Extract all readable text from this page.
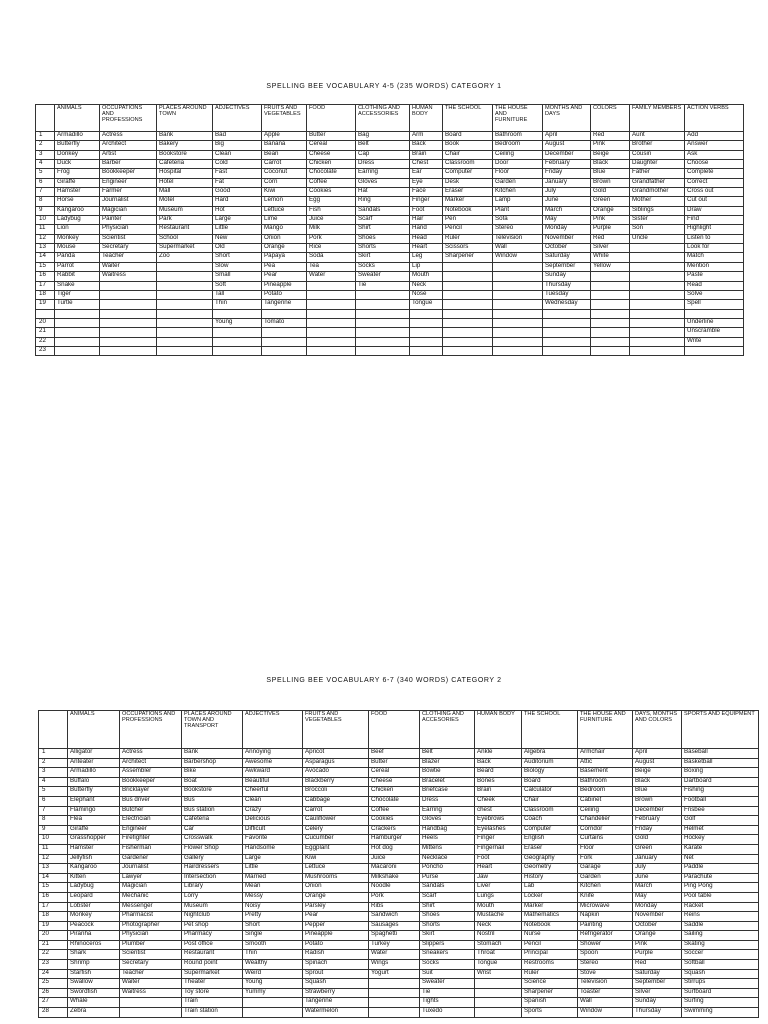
SPELLING BEE VOCABULARY 4-5 (235 WORDS) CATEGORY 1
	ANIMALS	OCCUPATIONS AND PROFESSIONS	PLACES AROUND TOWN	ADJECTIVES	FRUITS AND VEGETABLES	FOOD	CLOTHING AND ACCESSORIES	HUMAN BODY	THE SCHOOL	THE HOUSE AND FURNITURE	MONTHS AND DAYS	COLORS	FAMILY MEMBERS	ACTION VERBS
1	Armadillo	Actress	Bank	Bad	Apple	Butter	Bag	Arm	Board	Bathroom	April	Red	Aunt	Add
2	Butterfly	Architect	Bakery	Big	Banana	Cereal	Belt	Back	Book	Bedroom	August	Pink	Brother	Answer
3	Donkey	Artist	Bookstore	Clean	Bean	Cheese	Cap	Brain	Chair	Ceiling	December	Beige	Cousin	Ask
4	Duck	Barber	Cafeteria	Cold	Carrot	Chicken	Dress	Chest	Classroom	Door	February	Black	Daughter	Choose
5	Frog	Bookkeeper	Hospital	Fast	Coconut	Chocolate	Earring	Ear	Computer	Floor	Friday	Blue	Father	Complete
6	Giraffe	Engineer	Hotel	Fat	Corn	Coffee	Gloves	Eye	Desk	Garden	January	Brown	Grandfather	Correct
7	Hamster	Farmer	Mall	Good	Kiwi	Cookies	Hat	Face	Eraser	Kitchen	July	Gold	Grandmother	Cross out
8	Horse	Journalist	Motel	Hard	Lemon	Egg	Ring	Finger	Marker	Lamp	June	Green	Mother	Cut out
9	Kangaroo	Magician	Museum	Hot	Lettuce	Fish	Sandals	Foot	Notebook	Plant	March	Orange	Siblings	Draw
10	Ladybug	Painter	Park	Large	Lime	Juice	Scarf	Hair	Pen	Sofa	May	Pink	Sister	Find
11	Lion	Physician	Restaurant	Little	Mango	Milk	Shirt	Hand	Pencil	Stereo	Monday	Purple	Son	Highlight
12	Monkey	Scientist	School	New	Onion	Pork	Shoes	Head	Ruler	Television	November	Red	Uncle	Listen to
13	Mouse	Secretary	Supermarket	Old	Orange	Rice	Shorts	Heart	Scissors	Wall	October	Silver		Look for
14	Panda	Teacher	Zoo	Short	Papaya	Soda	Skirt	Leg	Sharpener	Window	Saturday	White		Match
15	Parrot	Waiter		Slow	Pea	Tea	Socks	Lip			September	Yellow		Mention
16	Rabbit	Waitress		Small	Pear	Water	Sweater	Mouth			Sunday			Paste
17	Snake			Soft	Pineapple		Tie	Neck			Thursday			Read
18	Tiger			Tall	Potato			Nose			Tuesday			Solve
19	Turtle			Thin	Tangerine			Tongue			Wednesday			Spell

20				Young	Tomato									Underline
21														Unscramble
22														Write
23														
SPELLING BEE VOCABULARY 6-7 (340 WORDS) CATEGORY 2
	ANIMALS	OCCUPATIONS AND PROFESSIONS	PLACES AROUND TOWN AND TRANSPORT	ADJECTIVES	FRUITS AND VEGETABLES	FOOD	CLOTHING AND ACCESORIES	HUMAN BODY	THE SCHOOL	THE HOUSE AND FURNITURE	DAYS, MONTHS AND COLORS	SPORTS AND EQUIPMENT
1	Alligator	Actress	Bank	Annoying	Apricot	Beef	Belt	Ankle	Algebra	Armchair	April	Baseball
2	Anteater	Architect	Barbershop	Awesome	Asparagus	Butter	Blazer	Back	Auditorium	Attic	August	Basketball
3	Armadillo	Assembler	Bike	Awkward	Avocado	Cereal	Bowtie	Beard	Biology	Basement	Beige	Boxing
4	Buffalo	Bookkeeper	Boat	Beautiful	Blackberry	Cheese	Bracelet	Bones	Board	Bathroom	Black	Dartboard
5	Butterfly	Bricklayer	Bookstore	Cheerful	Broccoli	Chicken	Briefcase	Brain	Calculator	Bedroom	Blue	Fishing
6	Elephant	Bus driver	Bus	Clean	Cabbage	Chocolate	Dress	Cheek	Chair	Cabinet	Brown	Football
7	Flamingo	Butcher	Bus station	Crazy	Carrot	Coffee	Earring	chest	Classroom	Ceiling	December	Frisbee
8	Flea	Electrician	Cafeteria	Delicious	Cauliflower	Cookies	Gloves	Eyebrows	Coach	Chandelier	February	Golf
9	Giraffe	Engineer	Car	Difficult	Celery	Crackers	Handbag	Eyelashes	Computer	Corridor	Friday	Helmet
10	Grasshopper	Firefighter	Crosswalk	Favorite	Cucumber	Hamburger	Heels	Finger	English	Curtains	Gold	Hockey
11	Hamster	Fisherman	Flower Shop	Handsome	Eggplant	Hot dog	Mittens	Fingernail	Eraser	Floor	Green	Karate
12	Jellyfish	Gardener	Gallery	Large	Kiwi	Juice	Necklace	Foot	Geography	Fork	January	Net
13	Kangaroo	Journalist	Hairdressers	Little	Lettuce	Macaroni	Poncho	Heart	Geometry	Garage	July	Paddle
14	Kitten	Lawyer	Intersection	Married	Mushrooms	Milkshake	Purse	Jaw	History	Garden	June	Parachute
15	Ladybug	Magician	Library	Mean	Onion	Noodle	Sandals	Liver	Lab	Kitchen	March	Ping Pong
16	Leopard	Mechanic	Lorry	Messy	Orange	Pork	Scarf	Lungs	Locker	Knife	May	Pool table
17	Lobster	Messenger	Museum	Noisy	Parsley	Ribs	Shirt	Mouth	Marker	Microwave	Monday	Racket
18	Monkey	Pharmacist	Nightclub	Pretty	Pear	Sandwich	Shoes	Mustache	Mathematics	Napkin	November	Reins
19	Peacock	Photographer	Pet shop	Short	Pepper	Sausages	Shorts	Neck	Notebook	Painting	October	Saddle
20	Piranha	Physician	Pharmacy	Single	Pineapple	Spaghetti	Skirt	Nostril	Nurse	Refrigerator	Orange	Sailing
21	Rhinoceros	Plumber	Post office	Smooth	Potato	Turkey	Slippers	Stomach	Pencil	Shower	Pink	Skating
22	Shark	Scientist	Restaurant	Thin	Radish	Water	Sneakers	Throat	Principal	Spoon	Purple	Soccer
23	Shrimp	Secretary	Round point	Wealthy	Spinach	Wings	Socks	Tongue	Restrooms	Stereo	Red	Softball
24	Starfish	Teacher	Supermarket	Weird	Sprout	Yogurt	Suit	Wrist	Ruler	Stove	Saturday	Squash
25	Swallow	Waiter	Theater	Young	Squash		Sweater		Science	Television	September	Stirrups
26	Swordfish	Waitress	Toy store	Yummy	Strawberry		Tie		Sharpener	Toaster	Silver	Surfboard
27	Whale		Train		Tangerine		Tights		Spanish	Wall	Sunday	Surfing
28	Zebra		Train station		Watermelon		Tuxedo		Sports	Window	Thursday	Swimming
